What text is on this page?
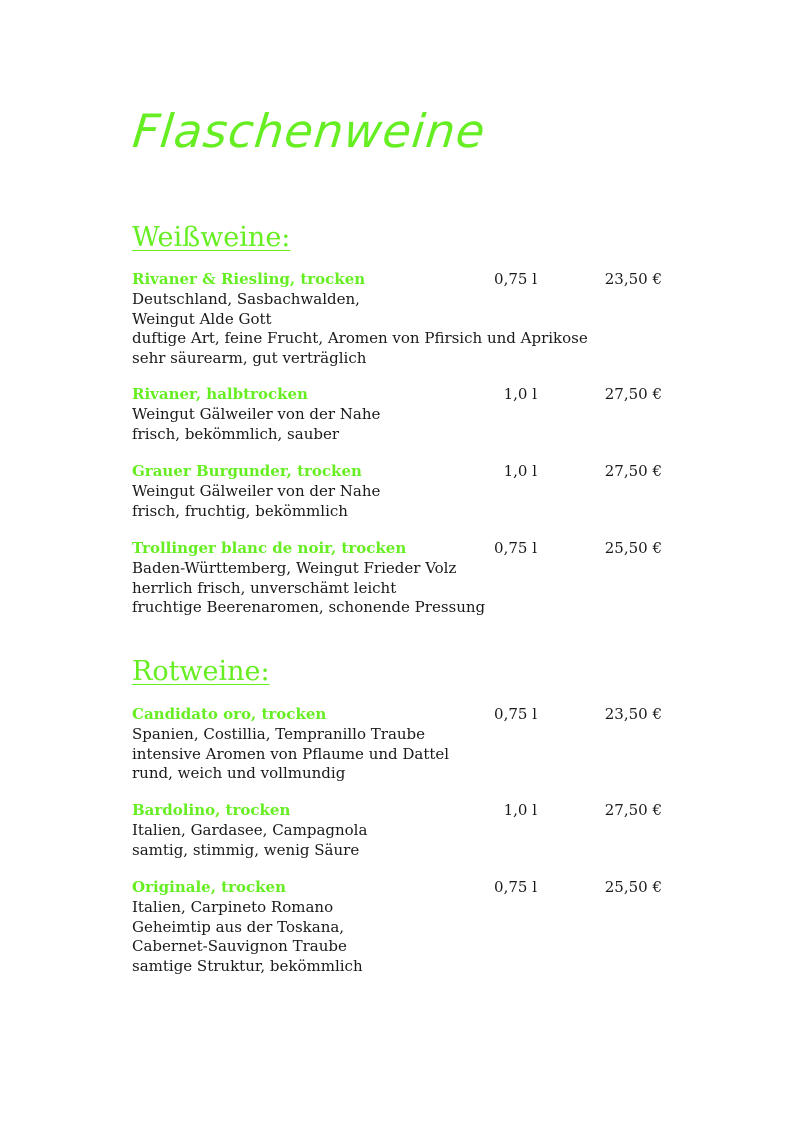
Flaschenweine
Weißweine:
Rivaner & Riesling, trocken	0,75 l	23,50 €
Deutschland, Sasbachwalden,
Weingut Alde Gott
duftige Art, feine Frucht, Aromen von Pfirsich und Aprikose
sehr säurearm, gut verträglich
Rivaner, halbtrocken	1,0 l	27,50 €
Weingut Gälweiler von der Nahe
frisch, bekömmlich, sauber
Grauer Burgunder, trocken	1,0 l	27,50 €
Weingut Gälweiler von der Nahe
frisch, fruchtig, bekömmlich
Trollinger blanc de noir, trocken	0,75 l	25,50 €
Baden-Württemberg, Weingut Frieder Volz
herrlich frisch, unverschämt leicht
fruchtige Beerenaromen, schonende Pressung
Rotweine:
Candidato oro, trocken	0,75 l	23,50 €
Spanien, Costillia, Tempranillo Traube
intensive Aromen von Pflaume und Dattel
rund, weich und vollmundig
Bardolino, trocken	1,0 l	27,50 €
Italien, Gardasee, Campagnola
samtig, stimmig, wenig Säure
Originale, trocken	0,75 l	25,50 €
Italien, Carpineto Romano
Geheimtip aus der Toskana,
Cabernet-Sauvignon Traube
samtige Struktur, bekömmlich
